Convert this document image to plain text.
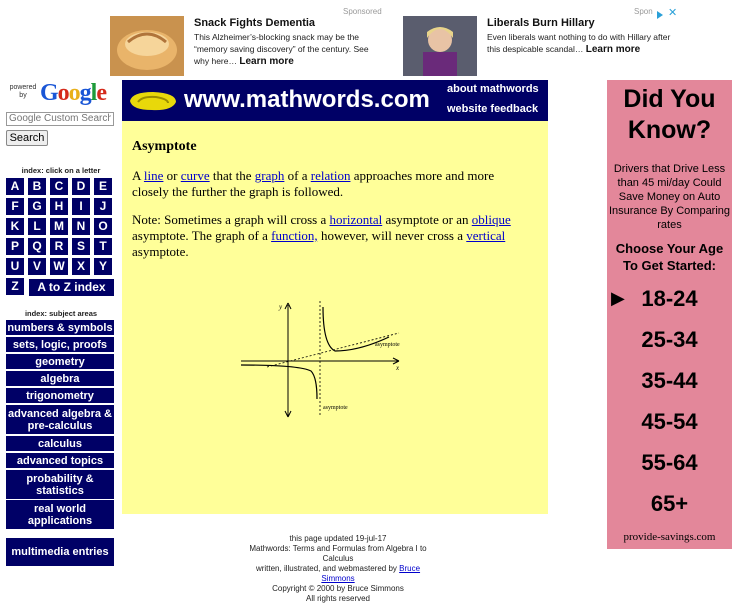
Snack Fights Dementia
This Alzheimer’s-blocking snack may be the “memory saving discovery” of the century. See why here… Learn more
Sponsored
Liberals Burn Hillary
Even liberals want nothing to do with Hillary after this despicable scandal… Learn more
Spon ✕
powered by Google
Google Custom Search
Search
index: click on a letter
A	B	C	D	E
F	G	H	I	J
K	L	M	N	O
P	Q	R	S	T
U	V	W	X	Y
Z	A to Z index
index: subject areas
numbers & symbols
sets, logic, proofs
geometry
algebra
trigonometry
advanced algebra & pre-calculus
calculus
advanced topics
probability & statistics
real world applications
multimedia entries
www.mathwords.com about mathwords
website feedback
Asymptote

A line or curve that the graph of a relation approaches more and more closely the further the graph is followed.

Note: Sometimes a graph will cross a horizontal asymptote or an oblique asymptote. The graph of a function, however, will never cross a vertical asymptote.

y
x
asymptote
asymptote
this page updated 19-jul-17
Mathwords: Terms and Formulas from Algebra I to Calculus
written, illustrated, and webmastered by Bruce Simmons
Copyright © 2000 by Bruce Simmons
All rights reserved
Did You Know?
Drivers that Drive Less than 45 mi/day Could Save Money on Auto Insurance By Comparing rates
Choose Your Age To Get Started:
▶ 18-24
25-34
35-44
45-54
55-64
65+
provide-savings.com
